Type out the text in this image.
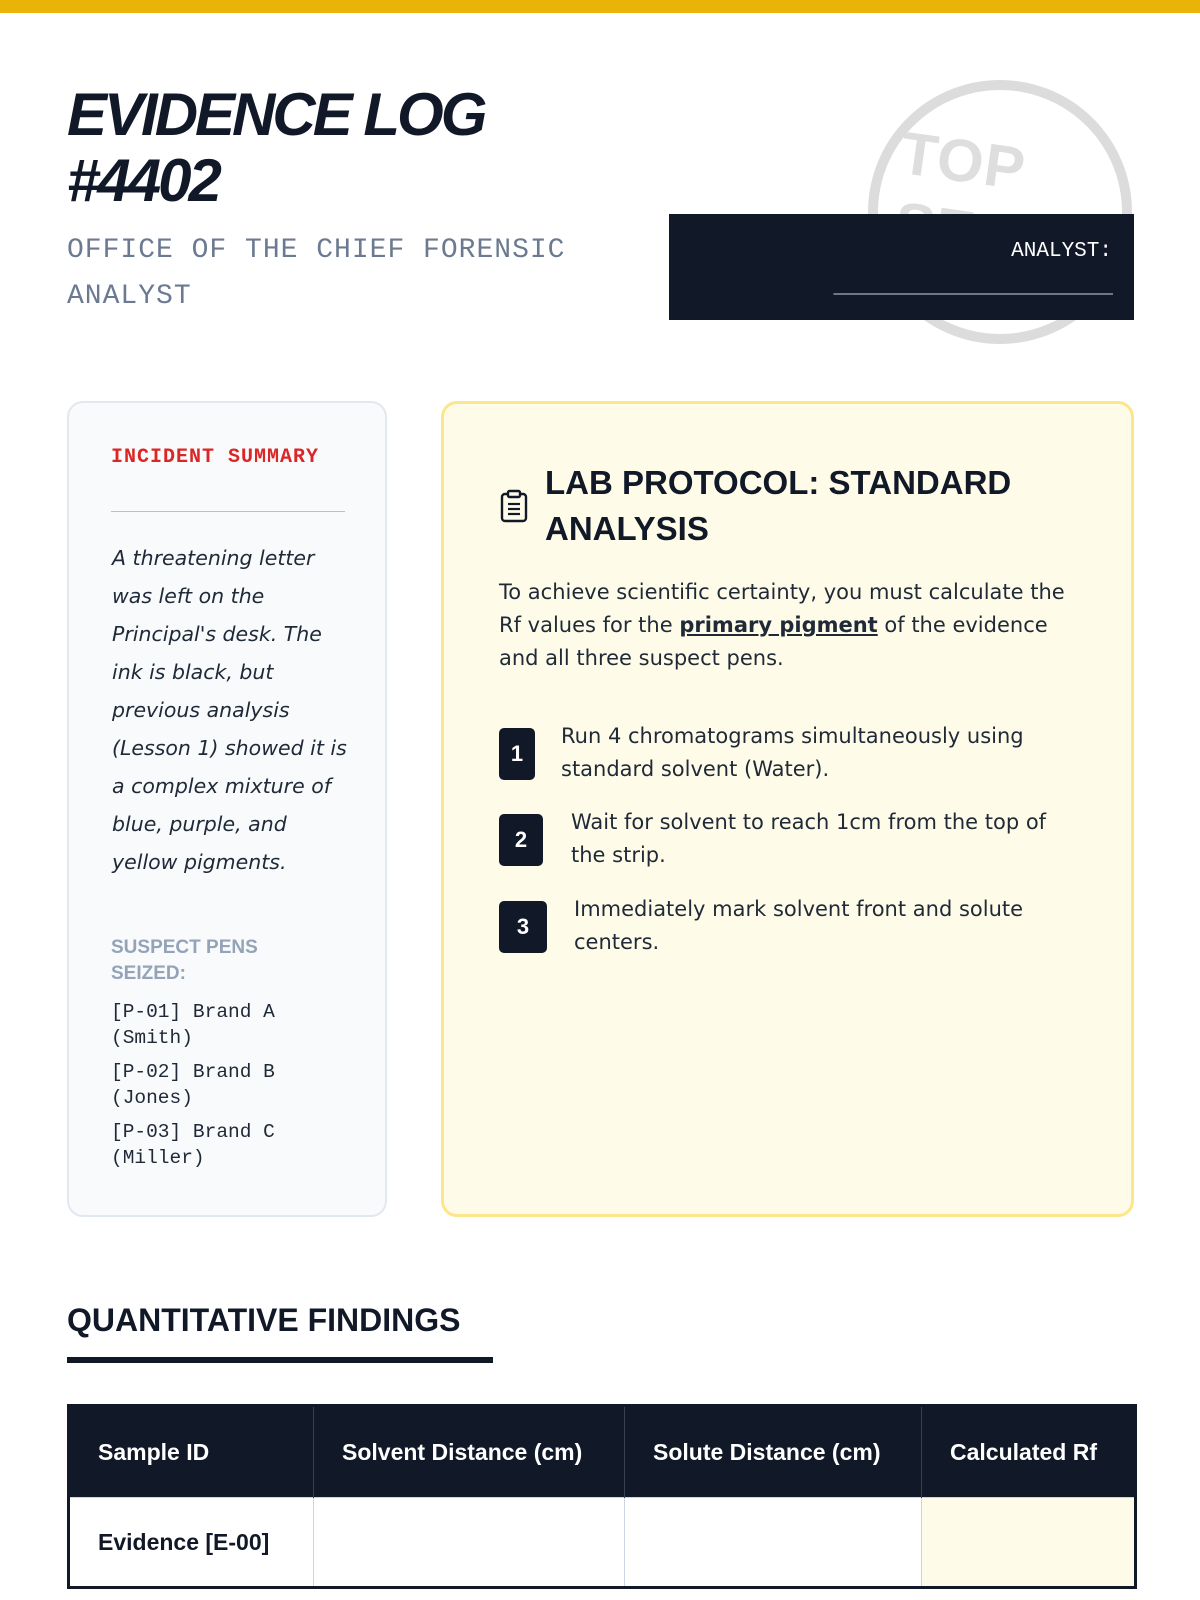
EVIDENCE LOG
#4402
OFFICE OF THE CHIEF FORENSIC ANALYST
TOP
ANALYST:
________________________
INCIDENT SUMMARY
A threatening letter was left on the Principal's desk. The ink is black, but previous analysis (Lesson 1) showed it is a complex mixture of blue, purple, and yellow pigments.
SUSPECT PENS SEIZED:
[P-01] Brand A (Smith)
[P-02] Brand B (Jones)
[P-03] Brand C (Miller)
LAB PROTOCOL: STANDARD ANALYSIS
To achieve scientific certainty, you must calculate the Rf values for the primary pigment of the evidence and all three suspect pens.
1
Run 4 chromatograms simultaneously using standard solvent (Water).
2
Wait for solvent to reach 1cm from the top of the strip.
3
Immediately mark solvent front and solute centers.
QUANTITATIVE FINDINGS
Sample ID	Solvent Distance (cm)	Solute Distance (cm)	Calculated Rf
Evidence [E-00]			
